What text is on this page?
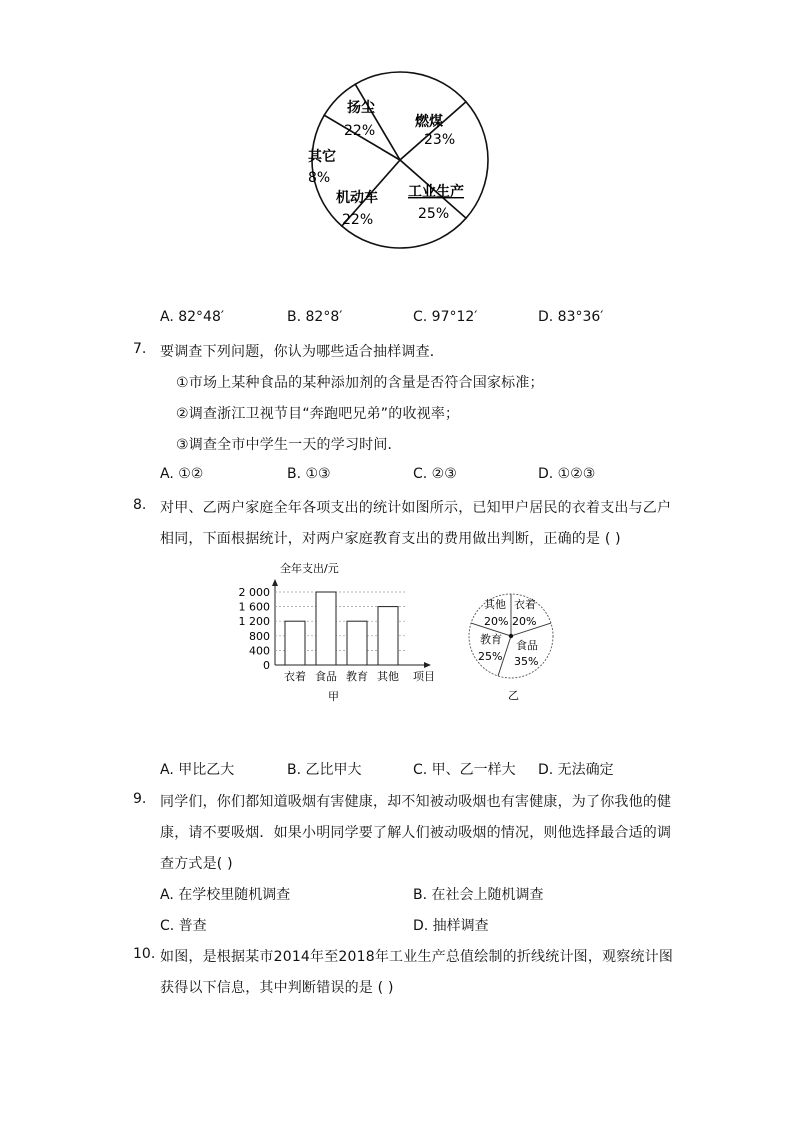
扬尘
22%
燃煤
23%
工业生产
25%
机动车
22%
其它
8%
A. 82°48′	B. 82°8′	C. 97°12′	D. 83°36′
7. 要调查下列问题，你认为哪些适合抽样调查．
①市场上某种食品的某种添加剂的含量是否符合国家标准；
②调查浙江卫视节目“奔跑吧兄弟”的收视率；
③调查全市中学生一天的学习时间．
A. ①②	B. ①③	C. ②③	D. ①②③
8. 对甲、乙两户家庭全年各项支出的统计如图所示，已知甲户居民的衣着支出与乙户
相同，下面根据统计，对两户家庭教育支出的费用做出判断，正确的是 ( )
全年支出/元
2 000
1 600
1 200
800
400
0
衣着 食品 教育 其他 项目
甲
其他
20%
衣着
20%
教育
25%
食品
35%
乙
A. 甲比乙大	B. 乙比甲大	C. 甲、乙一样大 D. 无法确定
9. 同学们，你们都知道吸烟有害健康，却不知被动吸烟也有害健康，为了你我他的健
康，请不要吸烟．如果小明同学要了解人们被动吸烟的情况，则他选择最合适的调
查方式是( )
A. 在学校里随机调查	B. 在社会上随机调查
C. 普查	D. 抽样调查
10. 如图，是根据某市2014年至2018年工业生产总值绘制的折线统计图，观察统计图
获得以下信息，其中判断错误的是 ( )
